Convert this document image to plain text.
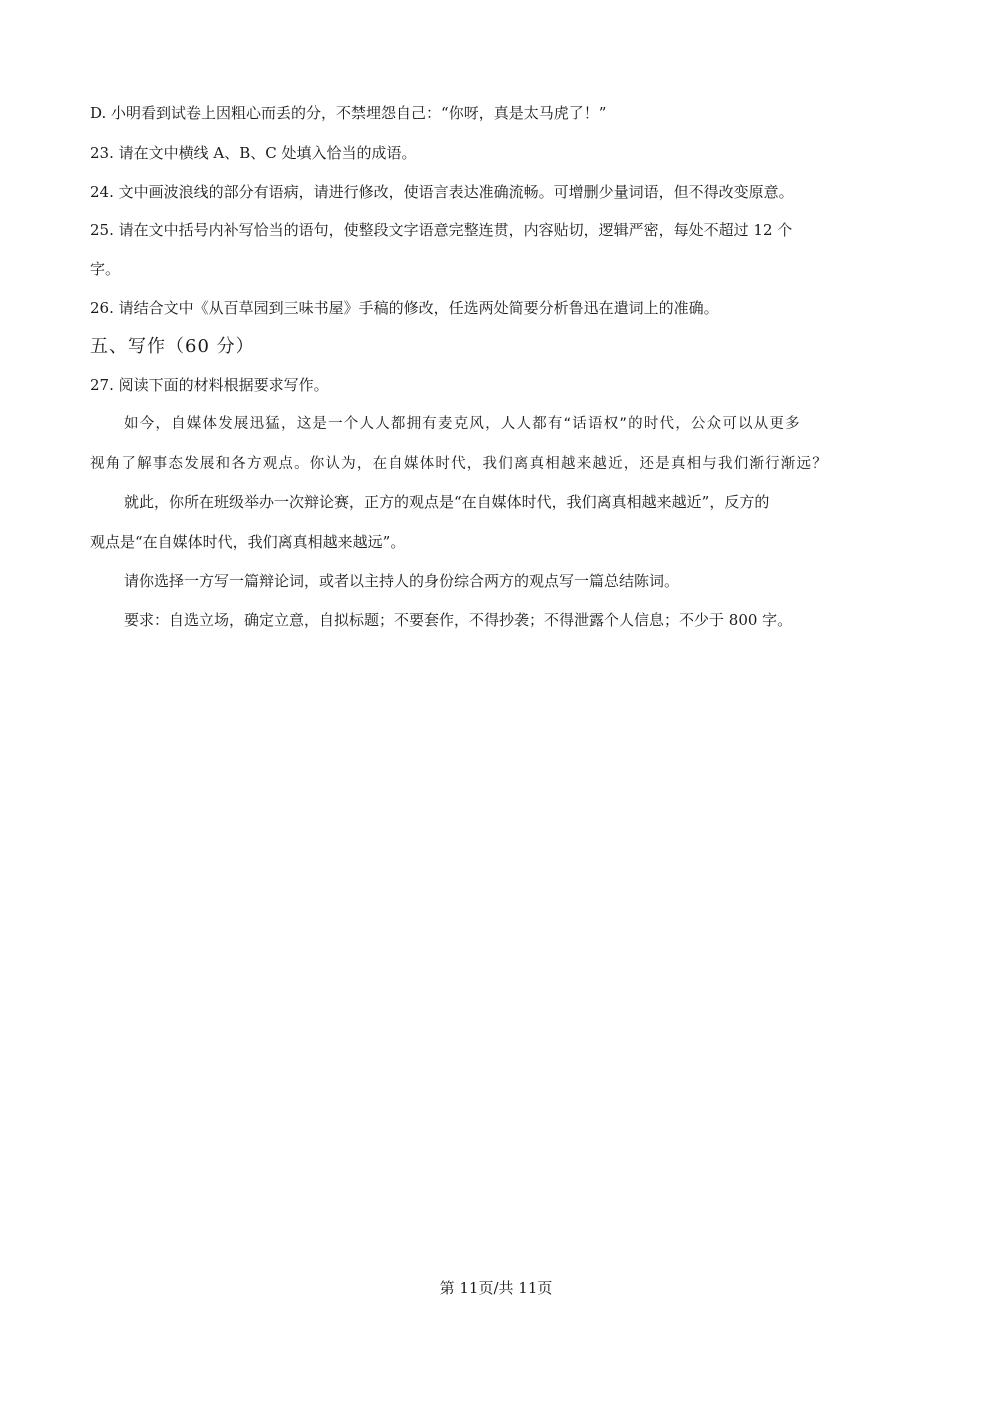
D. 小明看到试卷上因粗心而丢的分，不禁埋怨自己：“你呀，真是太马虎了！”
23. 请在文中横线 A、B、C 处填入恰当的成语。
24. 文中画波浪线的部分有语病，请进行修改，使语言表达准确流畅。可增删少量词语，但不得改变原意。
25. 请在文中括号内补写恰当的语句，使整段文字语意完整连贯，内容贴切，逻辑严密，每处不超过 12 个
字。
26. 请结合文中《从百草园到三味书屋》手稿的修改，任选两处简要分析鲁迅在遣词上的准确。
五、写作（60 分）
27. 阅读下面的材料根据要求写作。
如今，自媒体发展迅猛，这是一个人人都拥有麦克风，人人都有“话语权”的时代，公众可以从更多
视角了解事态发展和各方观点。你认为，在自媒体时代，我们离真相越来越近，还是真相与我们渐行渐远？
就此，你所在班级举办一次辩论赛，正方的观点是“在自媒体时代，我们离真相越来越近”，反方的
观点是“在自媒体时代，我们离真相越来越远”。
请你选择一方写一篇辩论词，或者以主持人的身份综合两方的观点写一篇总结陈词。
要求：自选立场，确定立意，自拟标题；不要套作，不得抄袭；不得泄露个人信息；不少于 800 字。
第 11页/共 11页
